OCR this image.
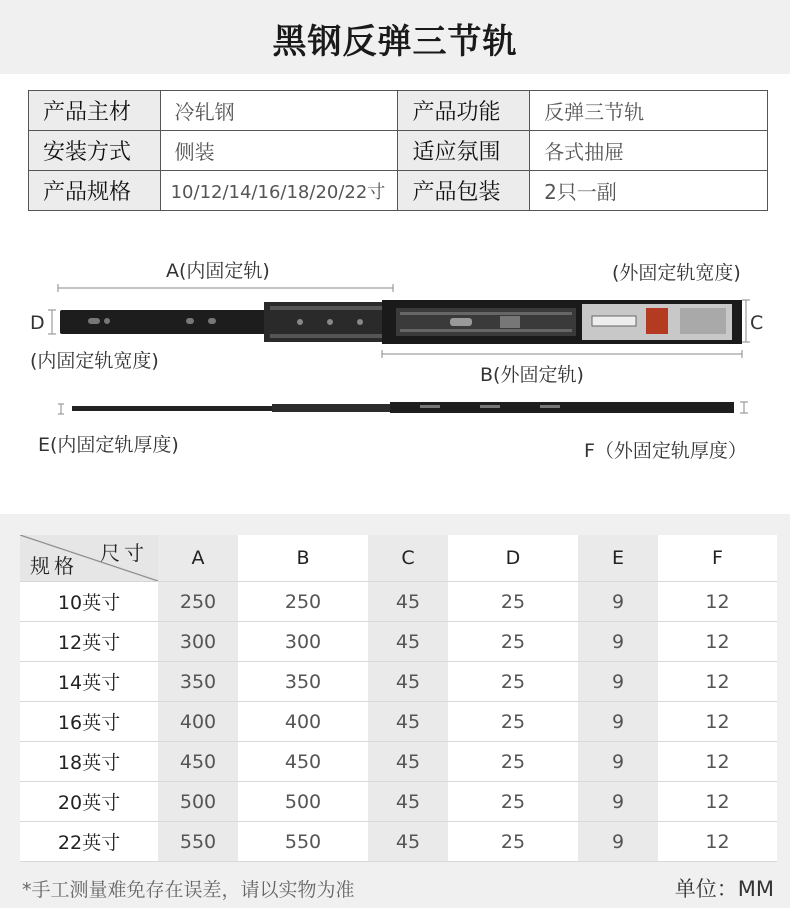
黑钢反弹三节轨
产品主材	冷轧钢	产品功能	反弹三节轨
安装方式	侧装	适应氛围	各式抽屉
产品规格	10/12/14/16/18/20/22寸	产品包装	2只一副
A(内固定轨)	(外固定轨宽度)
D	C
(内固定轨宽度)
B(外固定轨)
E(内固定轨厚度)	F（外固定轨厚度）
尺寸
规格	A	B	C	D	E	F
10英寸	250	250	45	25	9	12
12英寸	300	300	45	25	9	12
14英寸	350	350	45	25	9	12
16英寸	400	400	45	25	9	12
18英寸	450	450	45	25	9	12
20英寸	500	500	45	25	9	12
22英寸	550	550	45	25	9	12
*手工测量难免存在误差，请以实物为准	单位：MM
